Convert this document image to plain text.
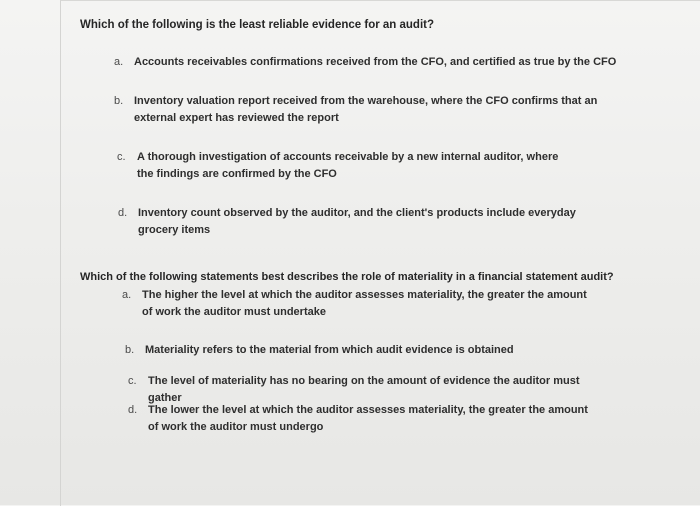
Which of the following is the least reliable evidence for an audit?

a. Accounts receivables confirmations received from the CFO, and certified as true by the CFO
b. Inventory valuation report received from the warehouse, where the CFO confirms that an external expert has reviewed the report
c.	A thorough investigation of accounts receivable by a new internal auditor, where the findings are confirmed by the CFO
d. Inventory count observed by the auditor, and the client's products include everyday grocery items

Which of the following statements best describes the role of materiality in a financial statement audit?

a. The higher the level at which the auditor assesses materiality, the greater the amount of work the auditor must undertake
b. Materiality refers to the material from which audit evidence is obtained
c.	The level of materiality has no bearing on the amount of evidence the auditor must gather
d. The lower the level at which the auditor assesses materiality, the greater the amount of work the auditor must undergo
